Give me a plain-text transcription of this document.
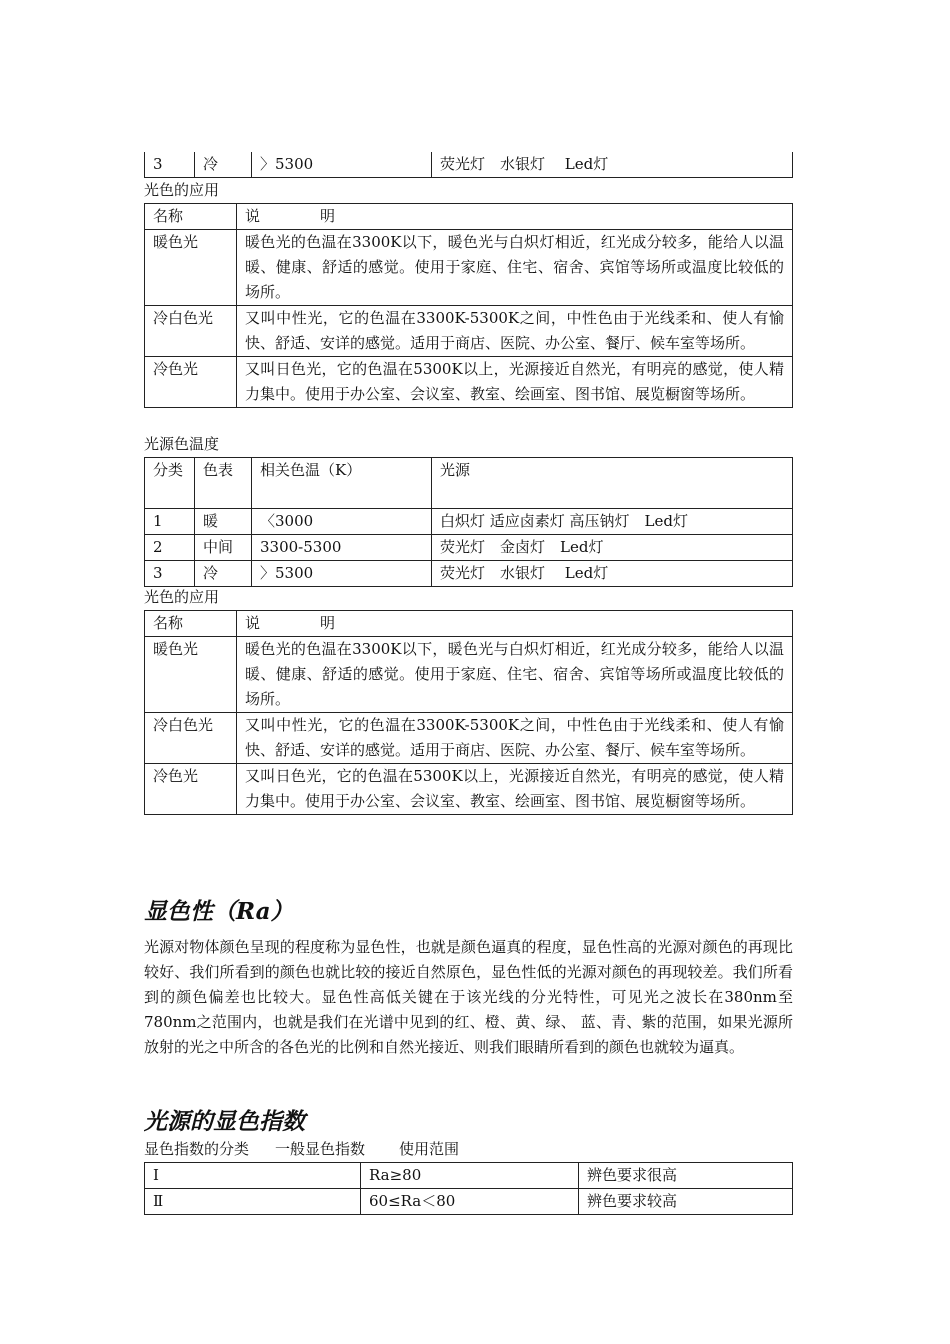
3	冷	〉5300	荧光灯　水银灯　 Led灯
光色的应用
名称	说　　　　明
暖色光	暖色光的色温在3300K以下，暖色光与白炽灯相近，红光成分较多，能给人以温暖、健康、舒适的感觉。使用于家庭、住宅、宿舍、宾馆等场所或温度比较低的场所。
冷白色光	又叫中性光，它的色温在3300K-5300K之间，中性色由于光线柔和、使人有愉快、舒适、安详的感觉。适用于商店、医院、办公室、餐厅、候车室等场所。
冷色光	又叫日色光，它的色温在5300K以上，光源接近自然光，有明亮的感觉，使人精力集中。使用于办公室、会议室、教室、绘画室、图书馆、展览橱窗等场所。
光源色温度
分类	色表	相关色温（K）	光源
1	暖	〈3000	白炽灯 适应卤素灯 高压钠灯　Led灯
2	中间	3300-5300	荧光灯　金卤灯　Led灯
3	冷	〉5300	荧光灯　水银灯　 Led灯
光色的应用
名称	说　　　　明
暖色光	暖色光的色温在3300K以下，暖色光与白炽灯相近，红光成分较多，能给人以温暖、健康、舒适的感觉。使用于家庭、住宅、宿舍、宾馆等场所或温度比较低的场所。
冷白色光	又叫中性光，它的色温在3300K-5300K之间，中性色由于光线柔和、使人有愉快、舒适、安详的感觉。适用于商店、医院、办公室、餐厅、候车室等场所。
冷色光	又叫日色光，它的色温在5300K以上，光源接近自然光，有明亮的感觉，使人精力集中。使用于办公室、会议室、教室、绘画室、图书馆、展览橱窗等场所。
显色性（Ra）
光源对物体颜色呈现的程度称为显色性，也就是颜色逼真的程度，显色性高的光源对颜色的再现比较好、我们所看到的颜色也就比较的接近自然原色，显色性低的光源对颜色的再现较差。我们所看到的颜色偏差也比较大。显色性高低关键在于该光线的分光特性，可见光之波长在380nm至780nm之范围内，也就是我们在光谱中见到的红、橙、黄、绿、 蓝、青、紫的范围，如果光源所放射的光之中所含的各色光的比例和自然光接近、则我们眼睛所看到的颜色也就较为逼真。
光源的显色指数
显色指数的分类 一般显色指数 使用范围
Ⅰ	Ra≥80	辨色要求很高
Ⅱ	60≤Ra＜80	辨色要求较高
